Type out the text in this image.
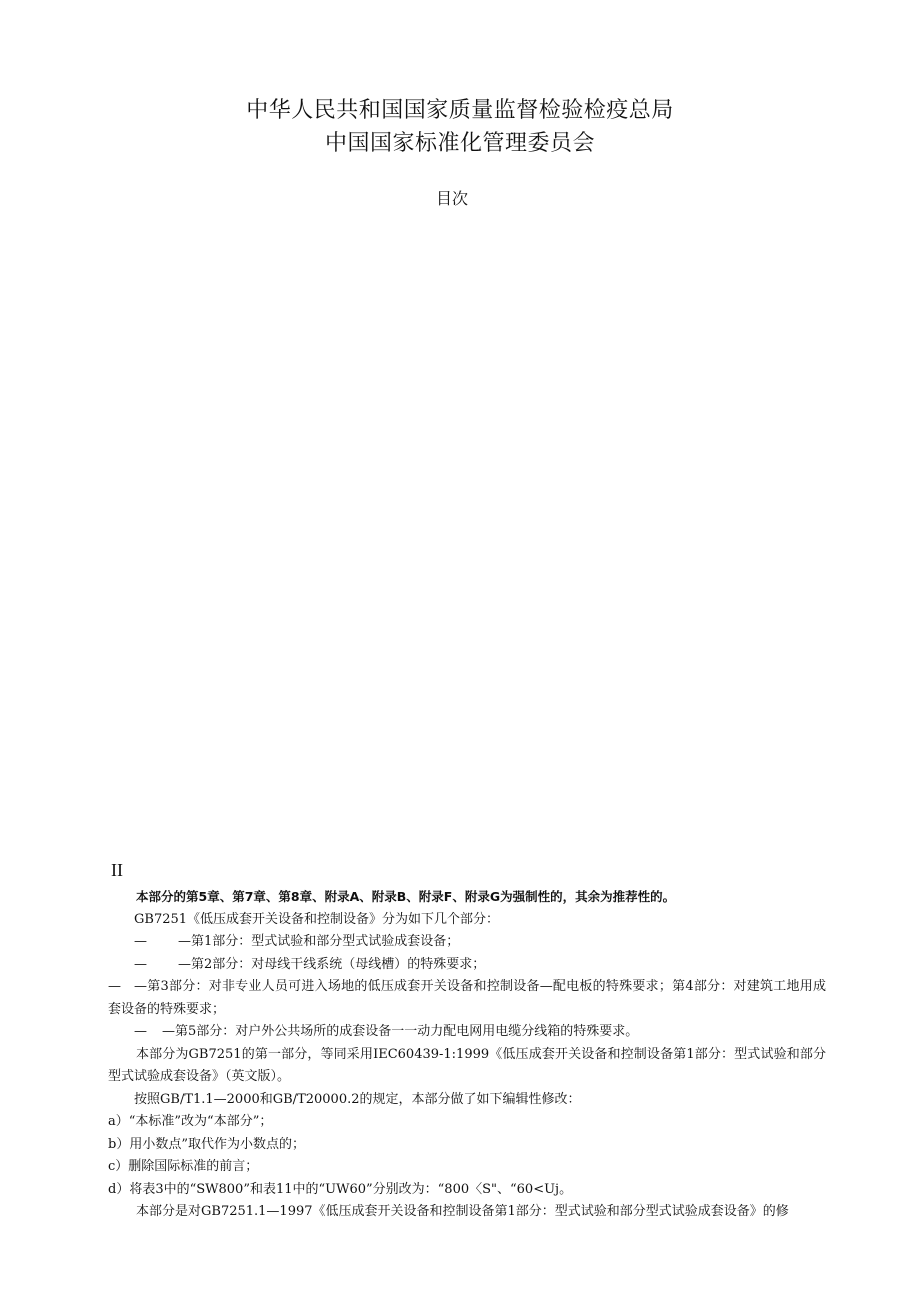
中华人民共和国国家质量监督检验检疫总局
中国国家标准化管理委员会
目次
II

本部分的第5章、第7章、第8章、附录A、附录B、附录F、附录G为强制性的，其余为推荐性的。

GB7251《低压成套开关设备和控制设备》分为如下几个部分：

—	—第1部分：型式试验和部分型式试验成套设备；

—	—第2部分：对母线干线系统（母线槽）的特殊要求；

— —第3部分：对非专业人员可进入场地的低压成套开关设备和控制设备—配电板的特殊要求；第4部分：对建筑工地用成套设备的特殊要求；

—	—第5部分：对户外公共场所的成套设备一一动力配电网用电缆分线箱的特殊要求。

本部分为GB7251的第一部分，等同采用IEC60439-1:1999《低压成套开关设备和控制设备第1部分：型式试验和部分型式试验成套设备》（英文版）。

按照GB/T1.1—2000和GB/T20000.2的规定，本部分做了如下编辑性修改：

a）“本标准”改为“本部分”；

b）用小数点”取代作为小数点的；

c）删除国际标准的前言；

d）将表3中的“SW800”和表11中的“UW60”分别改为：“800〈S"、“60<Uj。

本部分是对GB7251.1—1997《低压成套开关设备和控制设备第1部分：型式试验和部分型式试验成套设备》的修
